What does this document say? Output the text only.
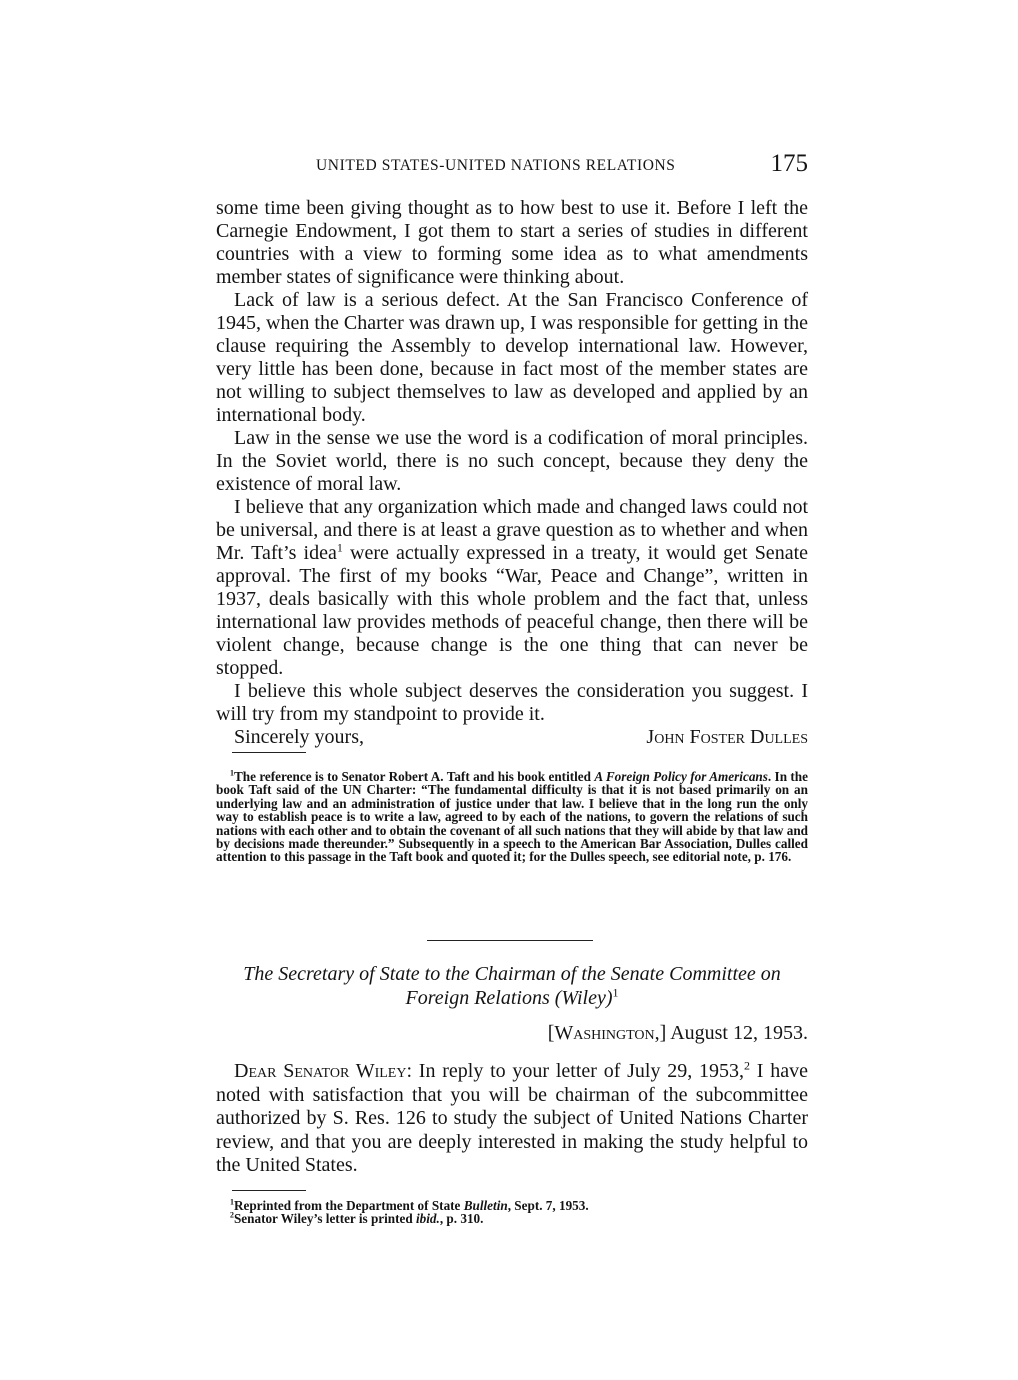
UNITED STATES-UNITED NATIONS RELATIONS	175

some time been giving thought as to how best to use it. Before I left the Carnegie Endowment, I got them to start a series of studies in different countries with a view to forming some idea as to what amendments member states of significance were thinking about.

Lack of law is a serious defect. At the San Francisco Conference of 1945, when the Charter was drawn up, I was responsible for getting in the clause requiring the Assembly to develop international law. However, very little has been done, because in fact most of the member states are not willing to subject themselves to law as developed and applied by an international body.

Law in the sense we use the word is a codification of moral principles. In the Soviet world, there is no such concept, because they deny the existence of moral law.

I believe that any organization which made and changed laws could not be universal, and there is at least a grave question as to whether and when Mr. Taft’s idea$^1$ were actually expressed in a treaty, it would get Senate approval. The first of my books “War, Peace and Change”, written in 1937, deals basically with this whole problem and the fact that, unless international law provides methods of peaceful change, then there will be violent change, because change is the one thing that can never be stopped.

I believe this whole subject deserves the consideration you suggest. I will try from my standpoint to provide it.

Sincerely yours,	John Foster Dulles

$^1$The reference is to Senator Robert A. Taft and his book entitled A Foreign Policy for Americans. In the book Taft said of the UN Charter: “The fundamental difficulty is that it is not based primarily on an underlying law and an administration of justice under that law. I believe that in the long run the only way to establish peace is to write a law, agreed to by each of the nations, to govern the relations of such nations with each other and to obtain the covenant of all such nations that they will abide by that law and by decisions made thereunder.” Subsequently in a speech to the American Bar Association, Dulles called attention to this passage in the Taft book and quoted it; for the Dulles speech, see editorial note, p. 176.

The Secretary of State to the Chairman of the Senate Committee on
Foreign Relations (Wiley)$^1$
[Washington,] August 12, 1953.

Dear Senator Wiley: In reply to your letter of July 29, 1953,$^2$ I have noted with satisfaction that you will be chairman of the subcommittee authorized by S. Res. 126 to study the subject of United Nations Charter review, and that you are deeply interested in making the study helpful to the United States.

$^1$Reprinted from the Department of State Bulletin, Sept. 7, 1953.

$^2$Senator Wiley’s letter is printed ibid., p. 310.
